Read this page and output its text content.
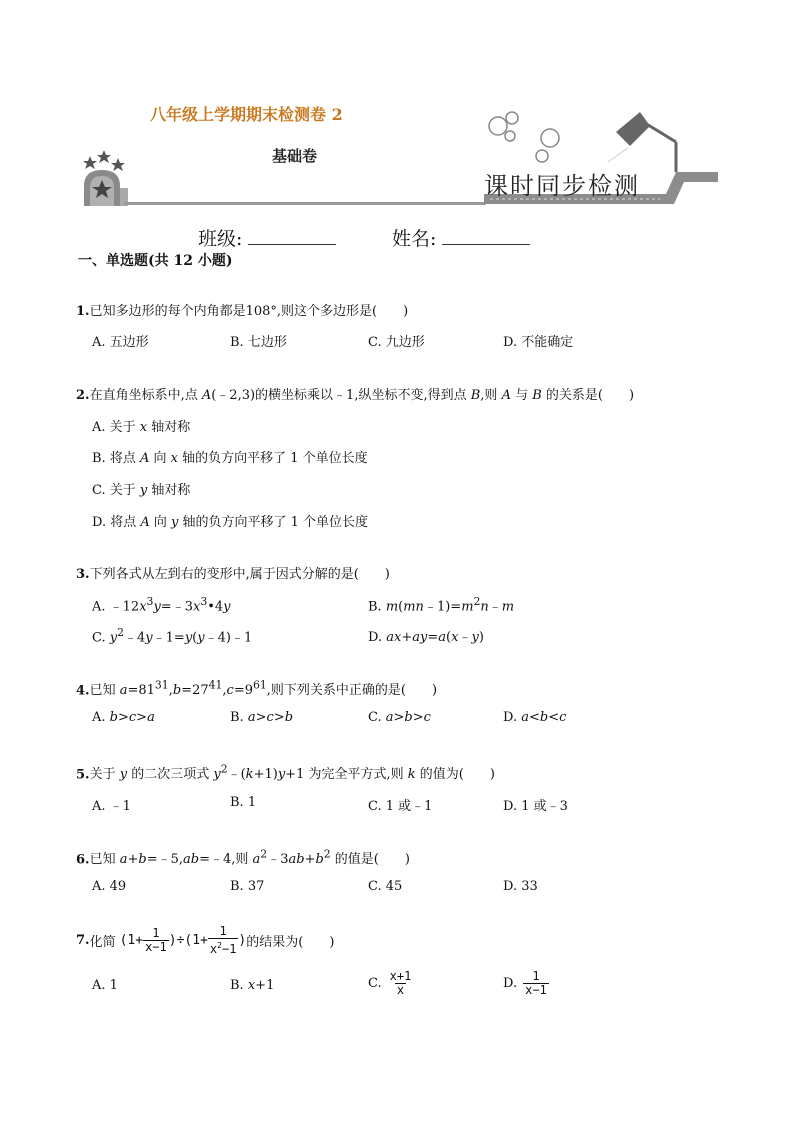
八年级上学期期末检测卷 2
基础卷
课时同步检测
班级:	姓名:
一、单选题(共 12 小题)
1.已知多边形的每个内角都是108°,则这个多边形是(　　)
A. 五边形	B. 七边形	C. 九边形	D. 不能确定
2.在直角坐标系中,点 A(﹣2,3)的横坐标乘以﹣1,纵坐标不变,得到点 B,则 A 与 B 的关系是(　　)
A. 关于 x 轴对称
B. 将点 A 向 x 轴的负方向平移了 1 个单位长度
C. 关于 y 轴对称
D. 将点 A 向 y 轴的负方向平移了 1 个单位长度
3.下列各式从左到右的变形中,属于因式分解的是(　　)
A. $﹣12x^3y=﹣3x^3•4y$	B. $m(mn﹣1)=m^2n﹣m$
C. $y^2﹣4y﹣1=y(y﹣4)﹣1$	D. ax+ay=a(x﹣y)
4.已知 $a=81^{31},b=27^{41},c=9^{61}$,则下列关系中正确的是(　　)
A. b>c>a	B. a>c>b	C. a>b>c	D. a<b<c
5.关于 y 的二次三项式 $y^2﹣(k+1)y+1$ 为完全平方式,则 k 的值为(　　)
A. ﹣1	B. 1	C. 1 或﹣1	D. 1 或﹣3
6.已知 a+b=﹣5,ab=﹣4,则 $a^2﹣3ab+b^2$ 的值是(　　)
A. 49	B. 37	C. 45	D. 33
7. 化简 $(1+ \frac{1}{x-1} )\div(1+ \frac{1}{x^2-1}$ ) 的结果为(　　)
A. 1	B. x+1	C. $\frac{x+1}{x}$	D. $\frac{1}{x-1}$
